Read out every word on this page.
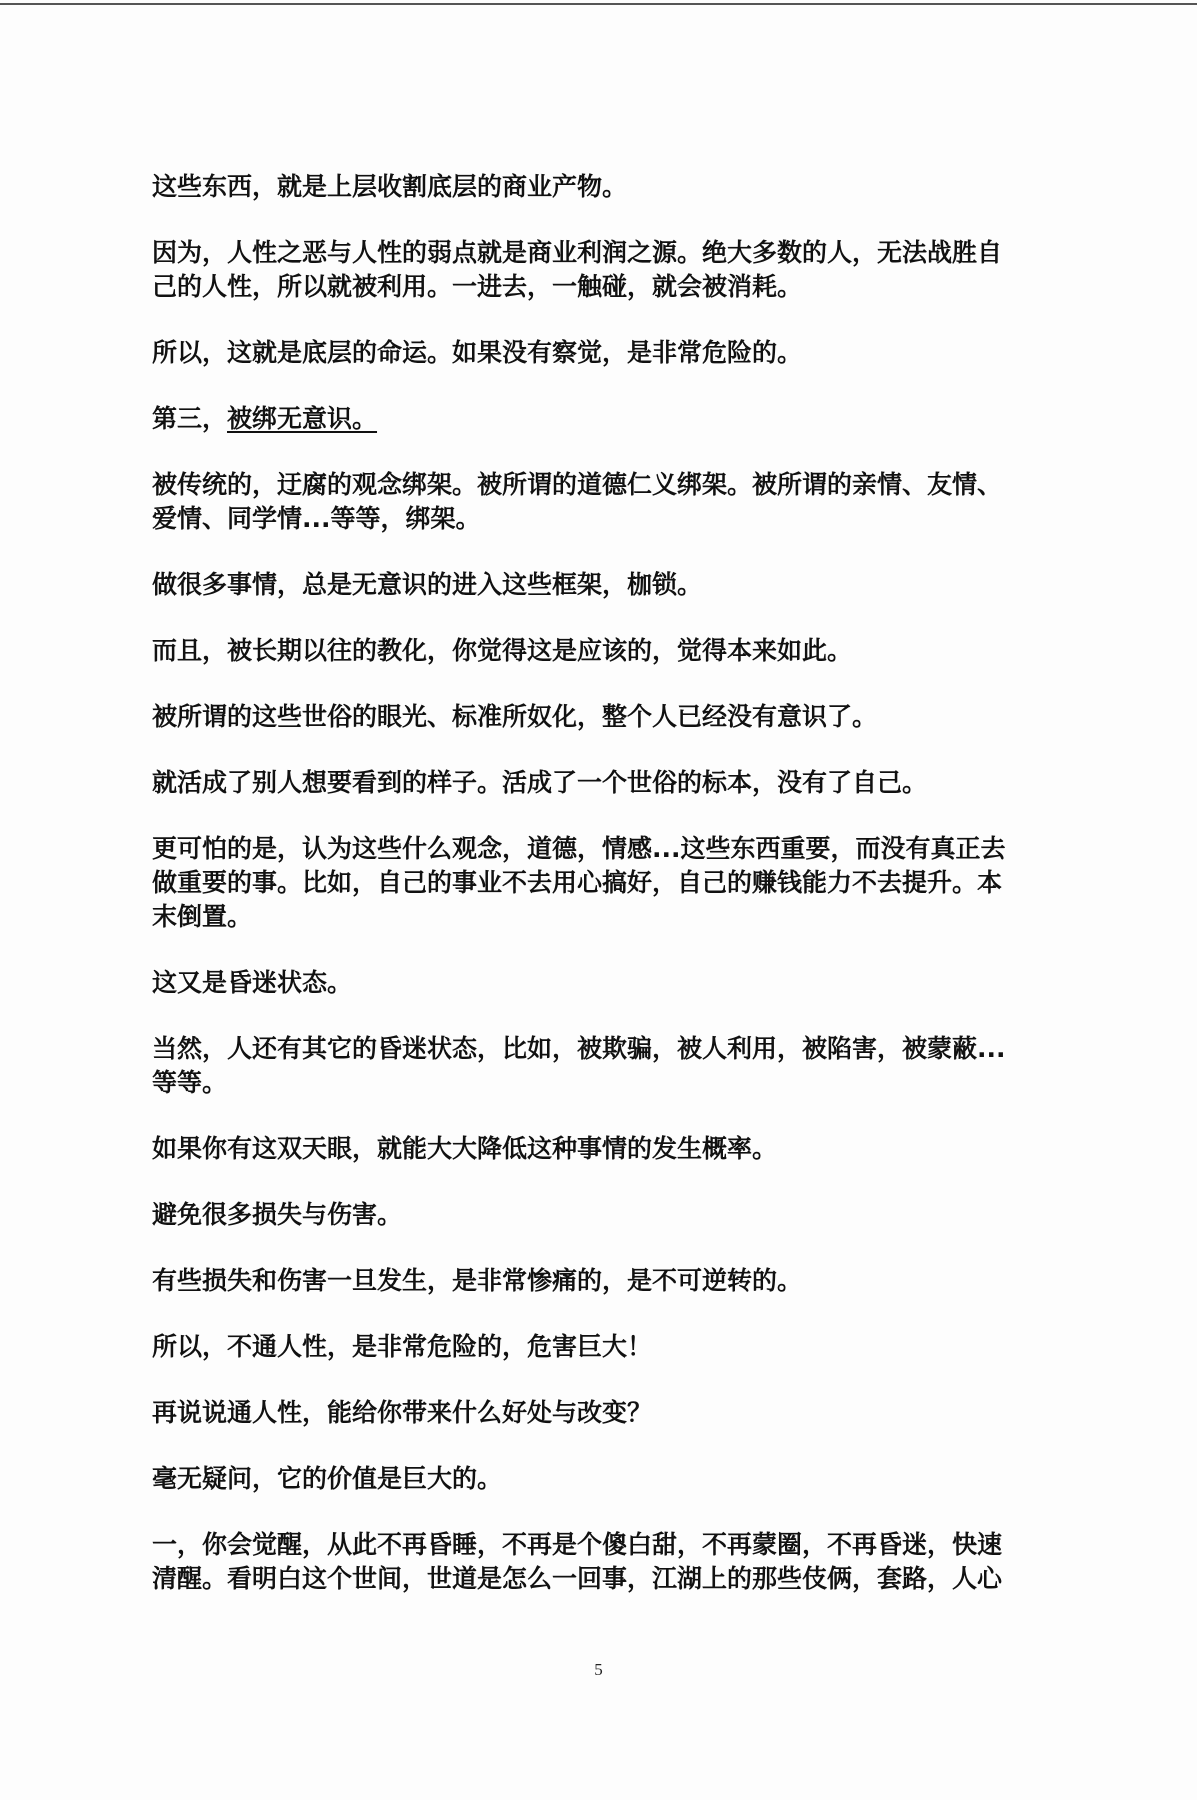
这些东西，就是上层收割底层的商业产物。

因为，人性之恶与人性的弱点就是商业利润之源。绝大多数的人，无法战胜自
己的人性，所以就被利用。一进去，一触碰，就会被消耗。

所以，这就是底层的命运。如果没有察觉，是非常危险的。

第三，被绑无意识。

被传统的，迂腐的观念绑架。被所谓的道德仁义绑架。被所谓的亲情、友情、
爱情、同学情...等等，绑架。

做很多事情，总是无意识的进入这些框架，枷锁。

而且，被长期以往的教化，你觉得这是应该的，觉得本来如此。

被所谓的这些世俗的眼光、标准所奴化，整个人已经没有意识了。

就活成了别人想要看到的样子。活成了一个世俗的标本，没有了自己。

更可怕的是，认为这些什么观念，道德，情感...这些东西重要，而没有真正去
做重要的事。比如，自己的事业不去用心搞好，自己的赚钱能力不去提升。本
末倒置。

这又是昏迷状态。

当然，人还有其它的昏迷状态，比如，被欺骗，被人利用，被陷害，被蒙蔽...
等等。

如果你有这双天眼，就能大大降低这种事情的发生概率。

避免很多损失与伤害。

有些损失和伤害一旦发生，是非常惨痛的，是不可逆转的。

所以，不通人性，是非常危险的，危害巨大！

再说说通人性，能给你带来什么好处与改变？

毫无疑问，它的价值是巨大的。

一，你会觉醒，从此不再昏睡，不再是个傻白甜，不再蒙圈，不再昏迷，快速
清醒。看明白这个世间，世道是怎么一回事，江湖上的那些伎俩，套路，人心

5
